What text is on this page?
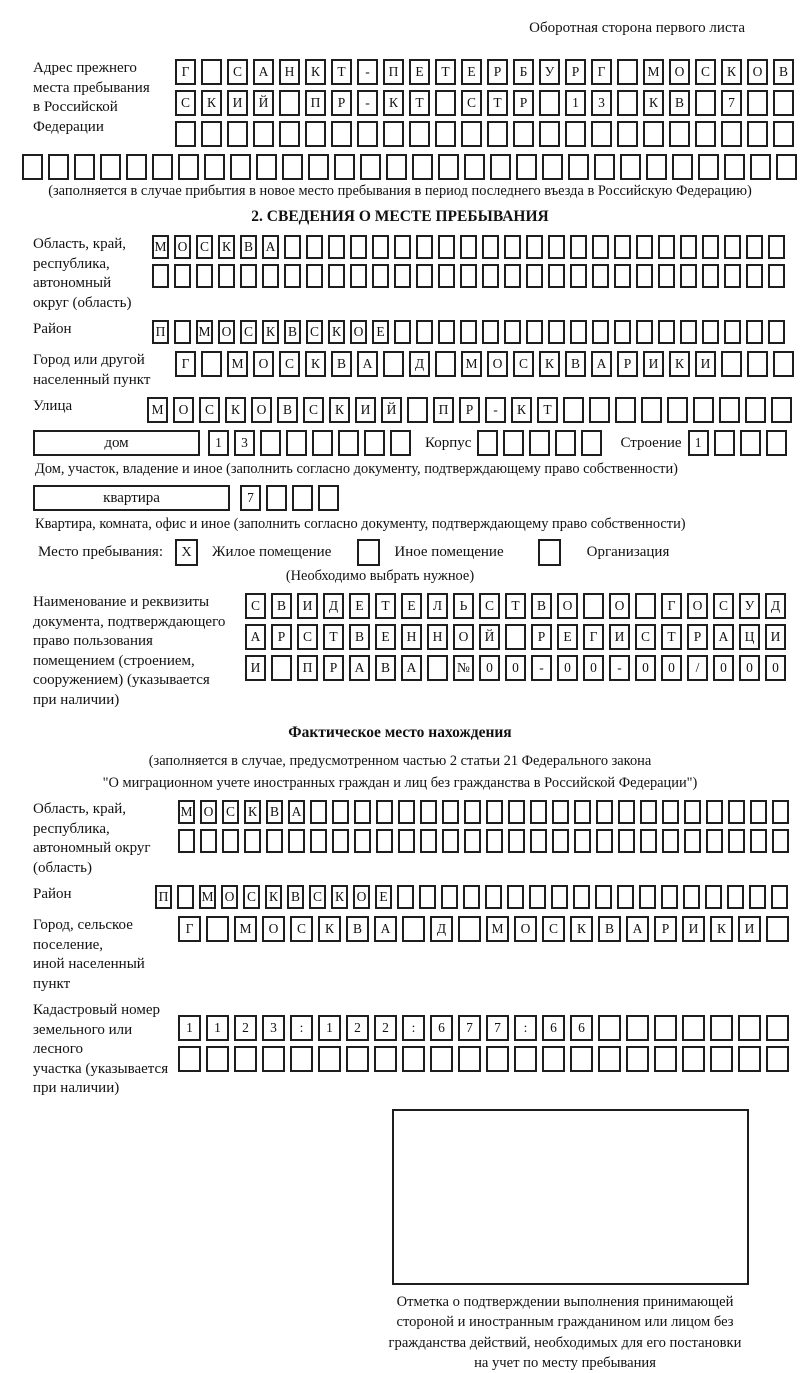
Оборотная сторона первого листа
Адрес прежнего
места пребывания
в Российской
Федерации
Г	С	А	Н	К	Т	-	П	Е	Т	Е	Р	Б	У	Р	Г	М	О	С	К	О	В
С	К	И	Й	П	Р	-	К	Т	С	Т	Р	1	3	К	В	7
(заполняется в случае прибытия в новое место пребывания в период последнего въезда в Российскую Федерацию)
2. СВЕДЕНИЯ О МЕСТЕ ПРЕБЫВАНИЯ
Область, край,
республика,
автономный
округ (область)
М О С К В А
Район	П М О С К В С К О Е
Город или другой
населенный пункт
Г	М	О	С	К	В	А	Д	М	О	С	К	В	А	Р	И	К	И
Улица	М	О	С	К	О	В	С	К	И	Й	П	Р	-	К	Т
дом	1	3	Корпус	Строение 1
Дом, участок, владение и иное (заполнить согласно документу, подтверждающему право собственности)
квартира	7
Квартира, комната, офис и иное (заполнить согласно документу, подтверждающему право собственности)
Место пребывания: X Жилое помещение	Иное помещение	Организация
(Необходимо выбрать нужное)
Наименование и реквизиты
документа, подтверждающего
право пользования
помещением (строением,
сооружением) (указывается
при наличии)
С	В	И	Д	Е	Т	Е	Л	Ь	С	Т	В	О	О	Г	О	С	У	Д
А	Р	С	Т	В	Е	Н	Н	О	Й	Р	Е	Г	И	С	Т	Р	А	Ц	И
И	П	Р	А	В	А	№	0	0	-	0	0	-	0	0	/	0	0	0
Фактическое место нахождения
(заполняется в случае, предусмотренном частью 2 статьи 21 Федерального закона
"О миграционном учете иностранных граждан и лиц без гражданства в Российской Федерации")
Область, край,
республика,
автономный округ
(область)
М О С К В А
Район	П М О С К В С К О Е
Город, сельское поселение,
иной населенный пункт
Г	М	О	С	К	В	А	Д	М	О	С	К	В	А	Р	И	К	И
Кадастровый номер
земельного или лесного
участка (указывается
при наличии)
1	1	2	3	:	1	2	2	:	6	7	7	:	6	6
Отметка о подтверждении выполнения принимающей
стороной и иностранным гражданином или лицом без
гражданства действий, необходимых для его постановки
на учет по месту пребывания
